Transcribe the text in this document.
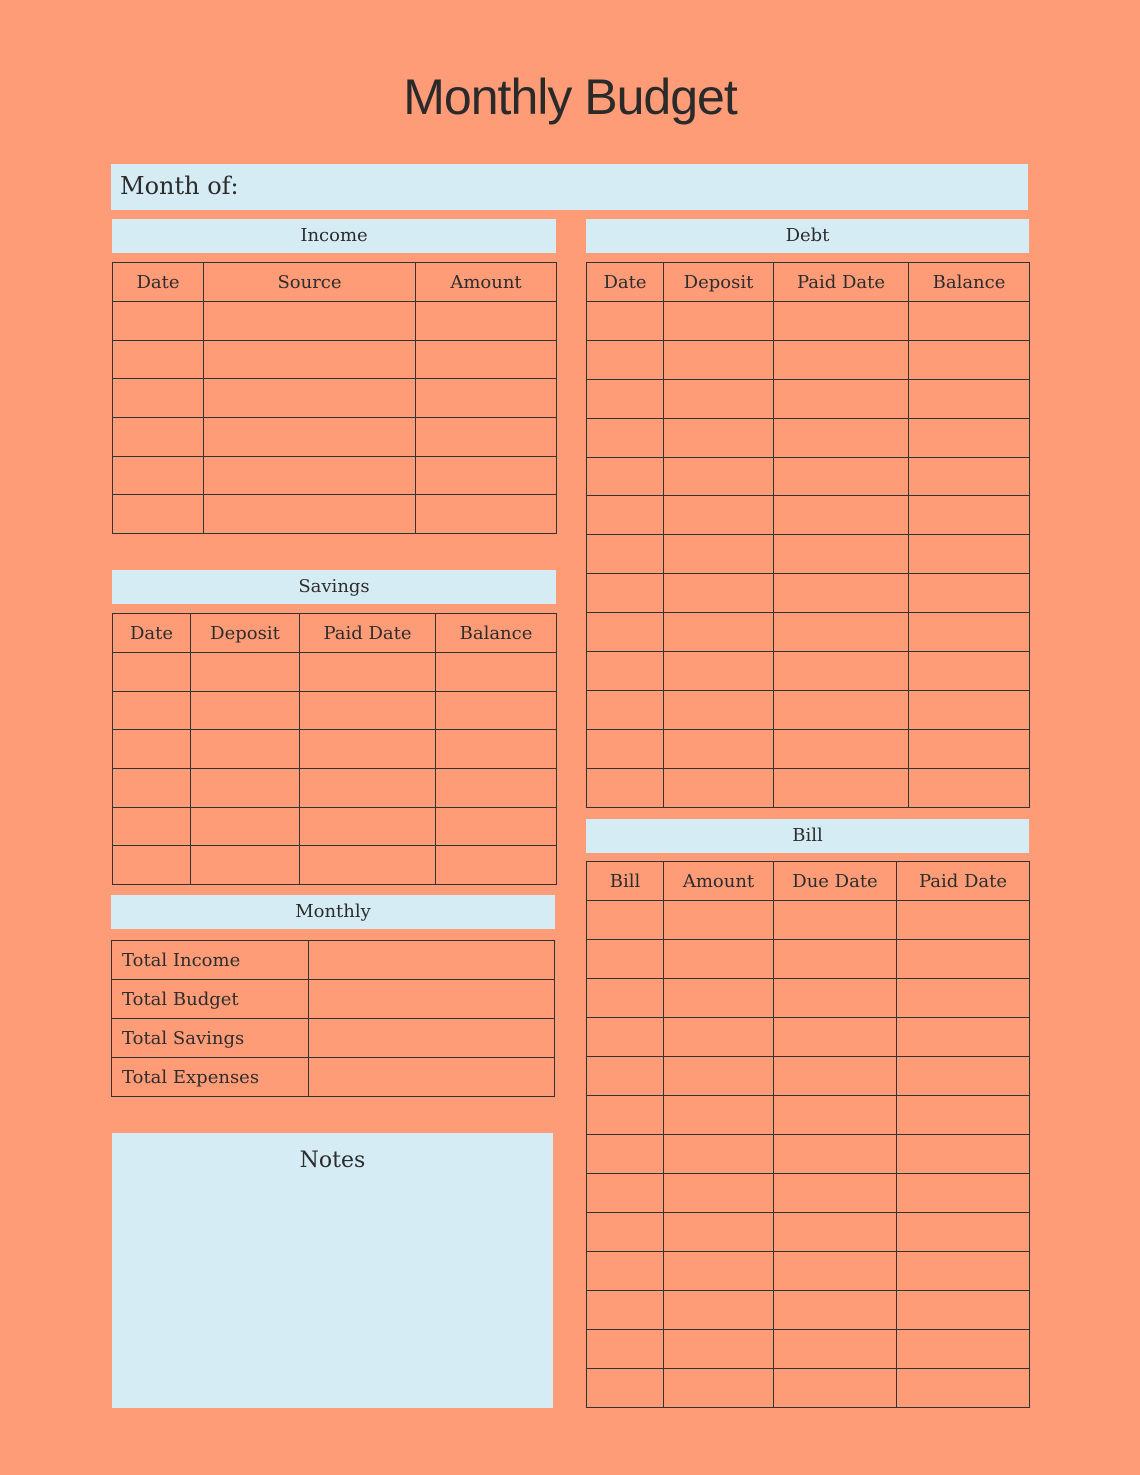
Monthly Budget
Month of:
Income
Date	Source	Amount

Savings
Date	Deposit	Paid Date	Balance

Monthly
Total Income	
Total Budget	
Total Savings	
Total Expenses	
Notes
Debt
Date	Deposit	Paid Date	Balance

Bill
Bill	Amount	Due Date	Paid Date
